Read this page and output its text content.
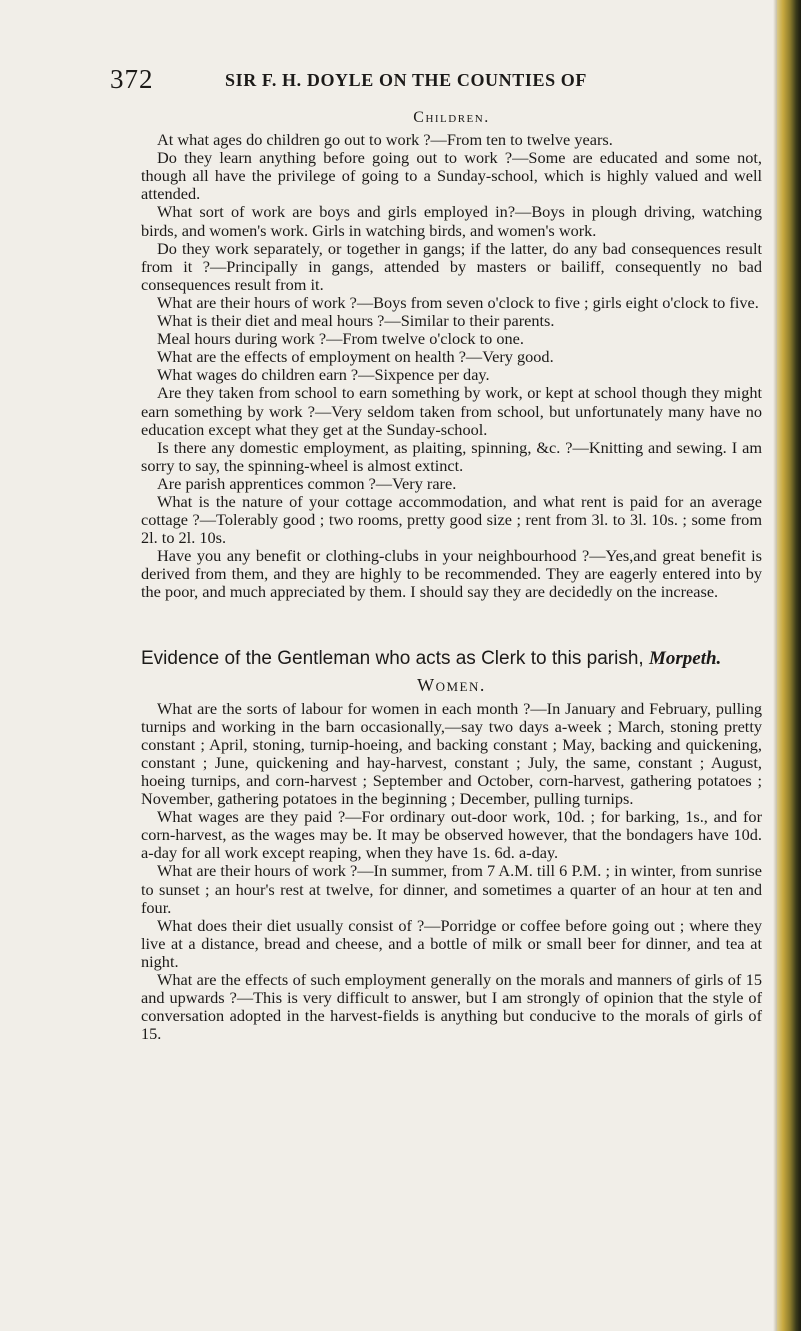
372	SIR F. H. DOYLE ON THE COUNTIES OF
Children.

At what ages do children go out to work ?—From ten to twelve years.

Do they learn anything before going out to work ?—Some are educated and some not, though all have the privilege of going to a Sunday-school, which is highly valued and well attended.

What sort of work are boys and girls employed in?—Boys in plough driving, watching birds, and women's work. Girls in watching birds, and women's work.

Do they work separately, or together in gangs; if the latter, do any bad consequences result from it ?—Principally in gangs, attended by masters or bailiff, consequently no bad consequences result from it.

What are their hours of work ?—Boys from seven o'clock to five ; girls eight o'clock to five.

What is their diet and meal hours ?—Similar to their parents.

Meal hours during work ?—From twelve o'clock to one.

What are the effects of employment on health ?—Very good.

What wages do children earn ?—Sixpence per day.

Are they taken from school to earn something by work, or kept at school though they might earn something by work ?—Very seldom taken from school, but unfortunately many have no education except what they get at the Sunday-school.

Is there any domestic employment, as plaiting, spinning, &c. ?—Knitting and sewing. I am sorry to say, the spinning-wheel is almost extinct.

Are parish apprentices common ?—Very rare.

What is the nature of your cottage accommodation, and what rent is paid for an average cottage ?—Tolerably good ; two rooms, pretty good size ; rent from 3l. to 3l. 10s. ; some from 2l. to 2l. 10s.

Have you any benefit or clothing-clubs in your neighbourhood ?—Yes,and great benefit is derived from them, and they are highly to be recommended. They are eagerly entered into by the poor, and much appreciated by them. I should say they are decidedly on the increase.

Evidence of the Gentleman who acts as Clerk to this parish, Morpeth.
Women.

What are the sorts of labour for women in each month ?—In January and February, pulling turnips and working in the barn occasionally,—say two days a-week ; March, stoning pretty constant ; April, stoning, turnip-hoeing, and backing constant ; May, backing and quickening, constant ; June, quickening and hay-harvest, constant ; July, the same, constant ; August, hoeing turnips, and corn-harvest ; September and October, corn-harvest, gathering potatoes ; November, gathering potatoes in the beginning ; December, pulling turnips.

What wages are they paid ?—For ordinary out-door work, 10d. ; for barking, 1s., and for corn-harvest, as the wages may be. It may be observed however, that the bondagers have 10d. a-day for all work except reaping, when they have 1s. 6d. a-day.

What are their hours of work ?—In summer, from 7 A.M. till 6 P.M. ; in winter, from sunrise to sunset ; an hour's rest at twelve, for dinner, and sometimes a quarter of an hour at ten and four.

What does their diet usually consist of ?—Porridge or coffee before going out ; where they live at a distance, bread and cheese, and a bottle of milk or small beer for dinner, and tea at night.

What are the effects of such employment generally on the morals and manners of girls of 15 and upwards ?—This is very difficult to answer, but I am strongly of opinion that the style of conversation adopted in the harvest-fields is anything but conducive to the morals of girls of 15.
